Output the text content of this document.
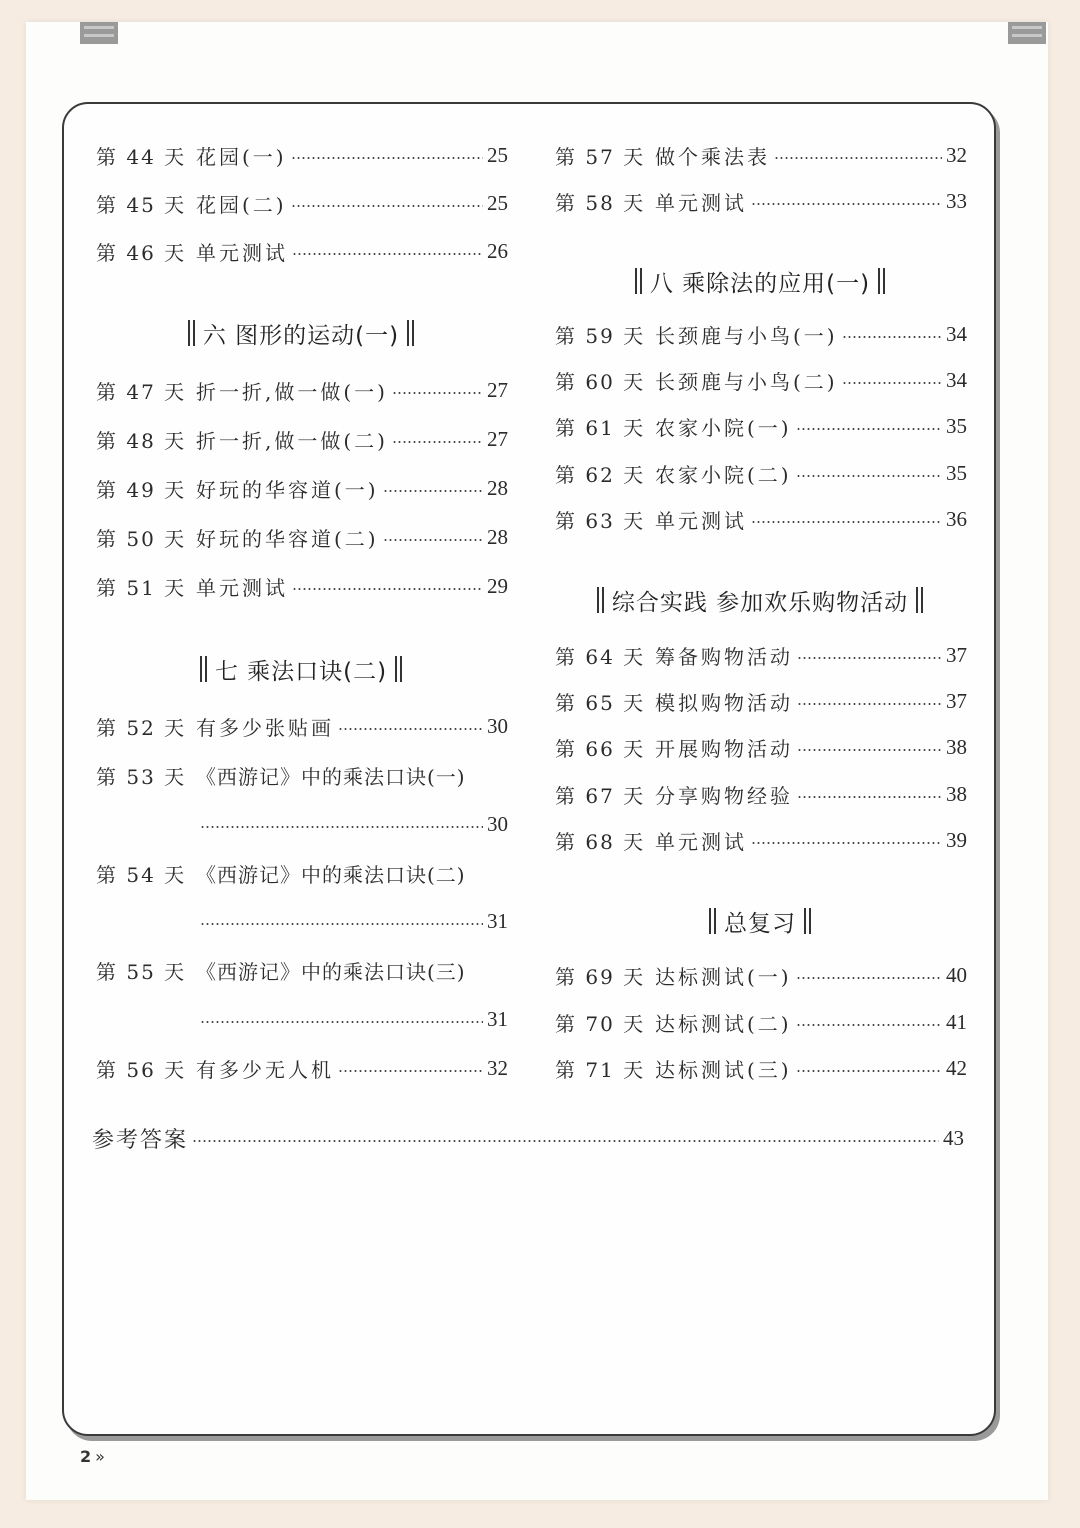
第 44 天 花园(一)	25
第 45 天 花园(二)	25
第 46 天 单元测试	26
六 图形的运动(一)
第 47 天 折一折,做一做(一)	27
第 48 天 折一折,做一做(二)	27
第 49 天 好玩的华容道(一)	28
第 50 天 好玩的华容道(二)	28
第 51 天 单元测试	29
七 乘法口诀(二)
第 52 天 有多少张贴画	30
第 53 天 《西游记》中的乘法口诀(一)
30
第 54 天 《西游记》中的乘法口诀(二)
31
第 55 天 《西游记》中的乘法口诀(三)
31
第 56 天 有多少无人机	32
第 57 天 做个乘法表	32
第 58 天 单元测试	33
八 乘除法的应用(一)
第 59 天 长颈鹿与小鸟(一)	34
第 60 天 长颈鹿与小鸟(二)	34
第 61 天 农家小院(一)	35
第 62 天 农家小院(二)	35
第 63 天 单元测试	36
综合实践 参加欢乐购物活动
第 64 天 筹备购物活动	37
第 65 天 模拟购物活动	37
第 66 天 开展购物活动	38
第 67 天 分享购物经验	38
第 68 天 单元测试	39
总复习
第 69 天 达标测试(一)	40
第 70 天 达标测试(二)	41
第 71 天 达标测试(三)	42
参考答案	43
2 »
